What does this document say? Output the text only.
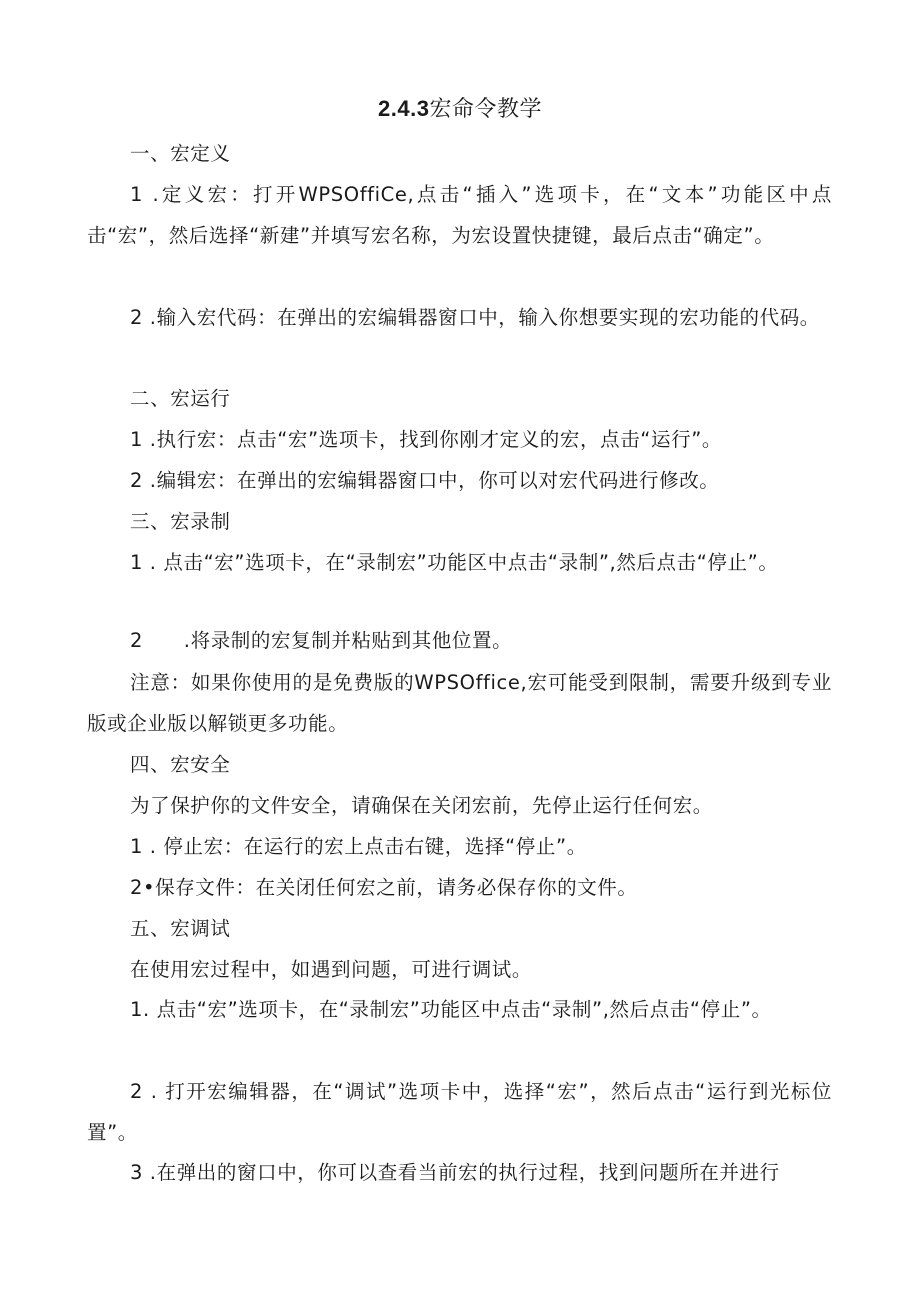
2.4.3宏命令教学

一、宏定义

1 .定义宏：打开WPSOffiCe,点击“插入”选项卡，在“文本”功能区中点击“宏”，然后选择“新建”并填写宏名称，为宏设置快捷键，最后点击“确定”。

2 .输入宏代码：在弹出的宏编辑器窗口中，输入你想要实现的宏功能的代码。

二、宏运行

1 .执行宏：点击“宏”选项卡，找到你刚才定义的宏，点击“运行”。

2 .编辑宏：在弹出的宏编辑器窗口中，你可以对宏代码进行修改。

三、宏录制

1 . 点击“宏”选项卡，在“录制宏”功能区中点击“录制”,然后点击“停止”。

2      .将录制的宏复制并粘贴到其他位置。

注意：如果你使用的是免费版的WPSOffice,宏可能受到限制，需要升级到专业版或企业版以解锁更多功能。

四、宏安全

为了保护你的文件安全，请确保在关闭宏前，先停止运行任何宏。

1 . 停止宏：在运行的宏上点击右键，选择“停止”。

2•保存文件：在关闭任何宏之前，请务必保存你的文件。

五、宏调试

在使用宏过程中，如遇到问题，可进行调试。

1. 点击“宏”选项卡，在“录制宏”功能区中点击“录制”,然后点击“停止”。

2 . 打开宏编辑器，在“调试”选项卡中，选择“宏”，然后点击“运行到光标位置”。

3 .在弹出的窗口中，你可以查看当前宏的执行过程，找到问题所在并进行
